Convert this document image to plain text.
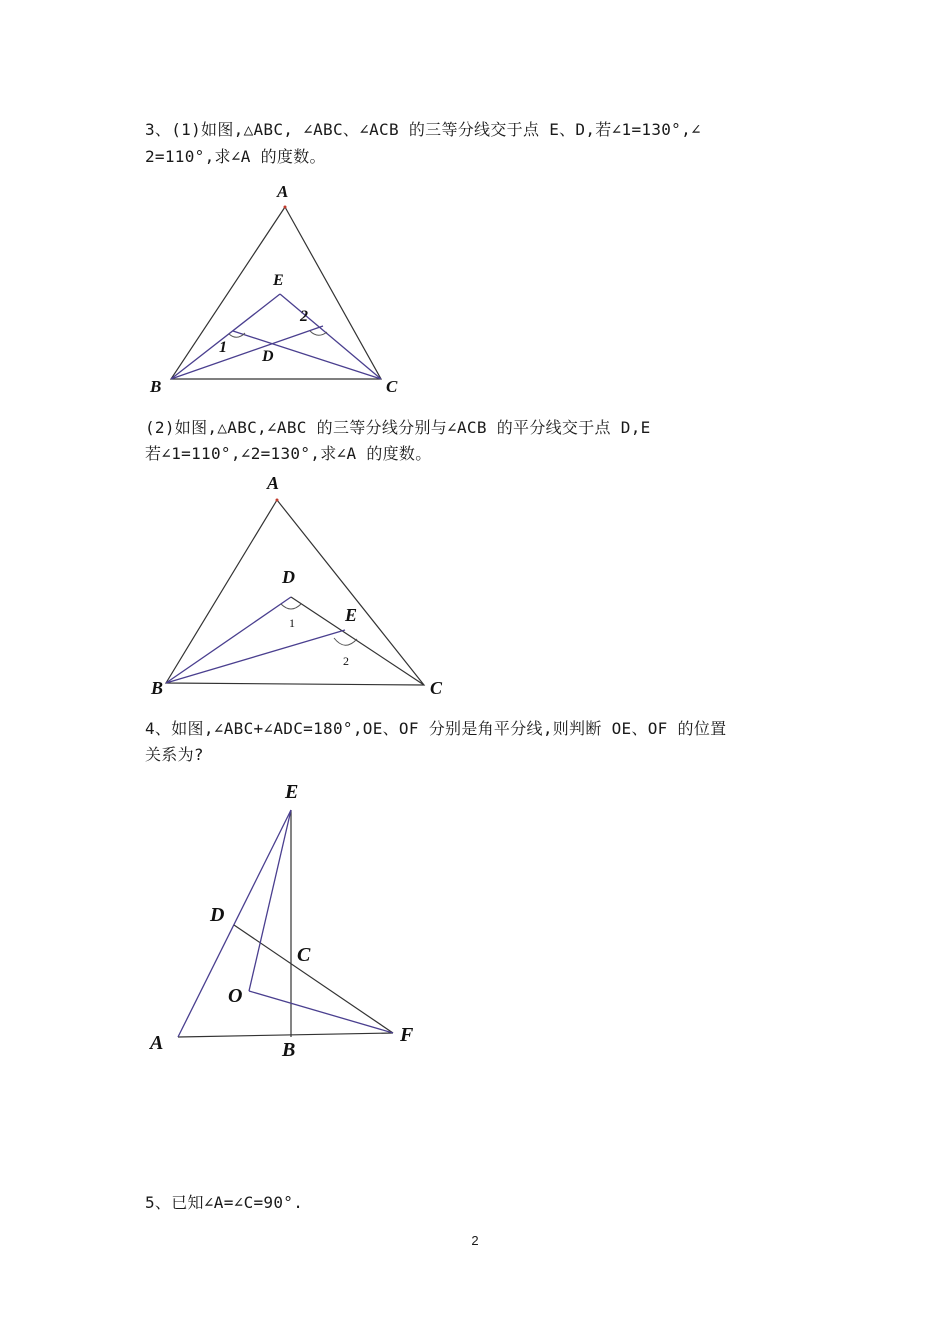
3、(1)如图,△ABC, ∠ABC、∠ACB 的三等分线交于点 E、D,若∠1=130°,∠
2=110°,求∠A 的度数。
(2)如图,△ABC,∠ABC 的三等分线分别与∠ACB 的平分线交于点 D,E
若∠1=110°,∠2=130°,求∠A 的度数。
4、如图,∠ABC+∠ADC=180°,OE、OF 分别是角平分线,则判断 OE、OF 的位置
关系为?
5、已知∠A=∠C=90°.
A
B	C
E
D
1
2
A
B	C
D
E
1
2
E
D
C
O
A	B
F
2
